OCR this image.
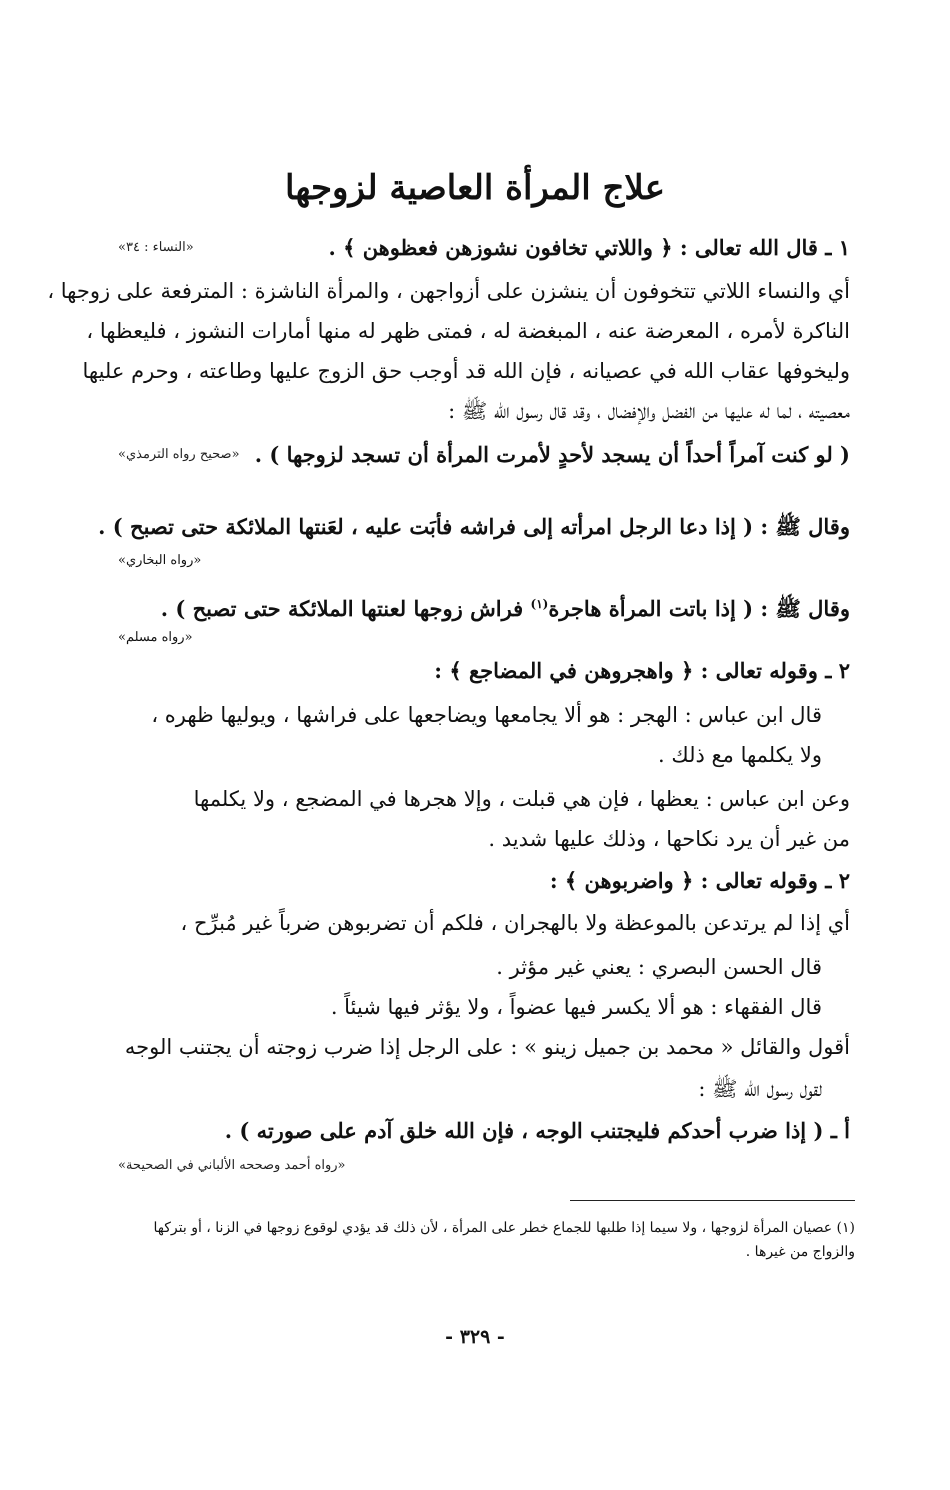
علاج المرأة العاصية لزوجها
١ ـ قال الله تعالى : ﴿ واللاتي تخافون نشوزهن فعظوهن ﴾ .
«النساء : ٣٤»
أي والنساء اللاتي تتخوفون أن ينشزن على أزواجهن ، والمرأة الناشزة : المترفعة على زوجها ،
الناكرة لأمره ، المعرضة عنه ، المبغضة له ، فمتى ظهر له منها أمارات النشوز ، فليعظها ،
وليخوفها عقاب الله في عصيانه ، فإن الله قد أوجب حق الزوج عليها وطاعته ، وحرم عليها
معصيته ، لما له عليها من الفضل والإفضال ، وقد قال رسول الله ﷺ :
( لو كنت آمراً أحداً أن يسجد لأحدٍ لأمرت المرأة أن تسجد لزوجها ) .
«صحيح رواه الترمذي»
وقال ﷺ : ( إذا دعا الرجل امرأته إلى فراشه فأبَت عليه ، لعَنتها الملائكة حتى تصبح ) .
«رواه البخاري»
وقال ﷺ : ( إذا باتت المرأة هاجرة$^{(١)}$ فراش زوجها لعنتها الملائكة حتى تصبح ) .
«رواه مسلم»
٢ ـ وقوله تعالى : ﴿ واهجروهن في المضاجع ﴾ :
قال ابن عباس : الهجر : هو ألا يجامعها ويضاجعها على فراشها ، ويوليها ظهره ،
ولا يكلمها مع ذلك .
وعن ابن عباس : يعظها ، فإن هي قبلت ، وإلا هجرها في المضجع ، ولا يكلمها
من غير أن يرد نكاحها ، وذلك عليها شديد .
٢ ـ وقوله تعالى : ﴿ واضربوهن ﴾ :
أي إذا لم يرتدعن بالموعظة ولا بالهجران ، فلكم أن تضربوهن ضرباً غير مُبرِّح ،
قال الحسن البصري : يعني غير مؤثر .
قال الفقهاء : هو ألا يكسر فيها عضواً ، ولا يؤثر فيها شيئاً .
أقول والقائل « محمد بن جميل زينو » : على الرجل إذا ضرب زوجته أن يجتنب الوجه
لقول رسول الله ﷺ :
أ ـ ( إذا ضرب أحدكم فليجتنب الوجه ، فإن الله خلق آدم على صورته ) .
«رواه أحمد وصححه الألباني في الصحيحة»
(١) عصيان المرأة لزوجها ، ولا سيما إذا طلبها للجماع خطر على المرأة ، لأن ذلك قد يؤدي لوقوع زوجها في الزنا ، أو بتركها
والزواج من غيرها .
- ٣٢٩ -
